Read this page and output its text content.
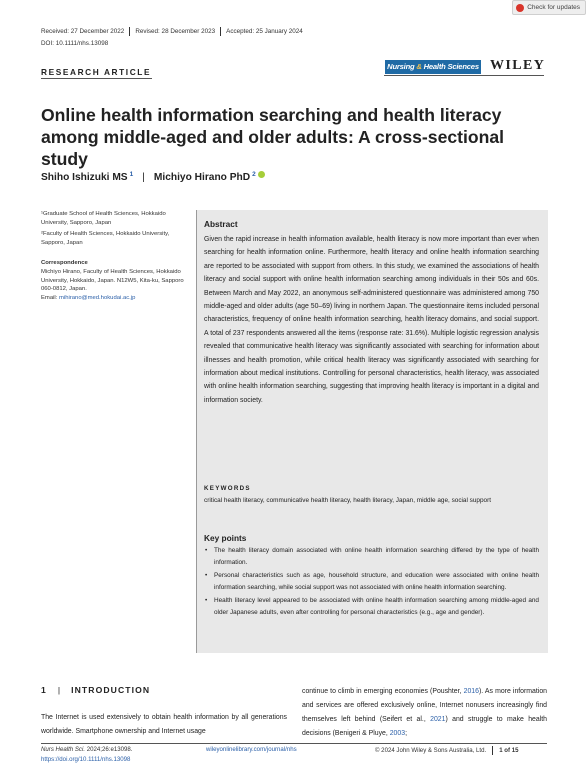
Check for updates
Received: 27 December 2022 Revised: 28 December 2023 Accepted: 25 January 2024
DOI: 10.1111/nhs.13098
RESEARCH ARTICLE
Nursing & Health Sciences WILEY
Online health information searching and health literacy among middle-aged and older adults: A cross-sectional study
Shiho Ishizuki MS $^1$ | Michiyo Hirano PhD $^2$

¹Graduate School of Health Sciences, Hokkaido University, Sapporo, Japan

²Faculty of Health Sciences, Hokkaido University, Sapporo, Japan

Correspondence

Michiyo Hirano, Faculty of Health Sciences, Hokkaido University, Hokkaido, Japan. N12W5, Kita-ku, Sapporo 060-0812, Japan.
Email: mihirano@med.hokudai.ac.jp

Abstract
Given the rapid increase in health information available, health literacy is now more important than ever when searching for health information online. Furthermore, health literacy and online health information searching are reported to be associated with support from others. In this study, we examined the associations of health literacy and social support with online health information searching among individuals in their 50s and 60s. Between March and May 2022, an anonymous self-administered questionnaire was administered among 750 middle-aged and older adults (age 50–69) living in northern Japan. The questionnaire items included personal characteristics, frequency of online health information searching, health literacy domains, and social support. A total of 237 respondents answered all the items (response rate: 31.6%). Multiple logistic regression analysis revealed that communicative health literacy was significantly associated with searching for information about illnesses and health promotion, while critical health literacy was significantly associated with searching for information about medical institutions. Controlling for personal characteristics, health literacy, was associated with online health information searching, suggesting that improving health literacy is important in a digital and information society.
KEYWORDS
critical health literacy, communicative health literacy, health literacy, Japan, middle age, social support
Key points
• The health literacy domain associated with online health information searching differed by the type of health information.
• Personal characteristics such as age, household structure, and education were associated with online health information searching, while social support was not associated with online health information searching.
• Health literacy level appeared to be associated with online health information searching among middle-aged and older Japanese adults, even after controlling for personal characteristics (e.g., age and gender).
1 | INTRODUCTION
The Internet is used extensively to obtain health information by all generations worldwide. Smartphone ownership and Internet usage
continue to climb in emerging economies (Poushter, 2016). As more information and services are offered exclusively online, Internet nonusers increasingly find themselves left behind (Seifert et al., 2021) and struggle to make health decisions (Benigeri & Pluye, 2003;
Nurs Health Sci. 2024;26:e13098.
https://doi.org/10.1111/nhs.13098
wileyonlinelibrary.com/journal/nhs	© 2024 John Wiley & Sons Australia, Ltd. 1 of 15
